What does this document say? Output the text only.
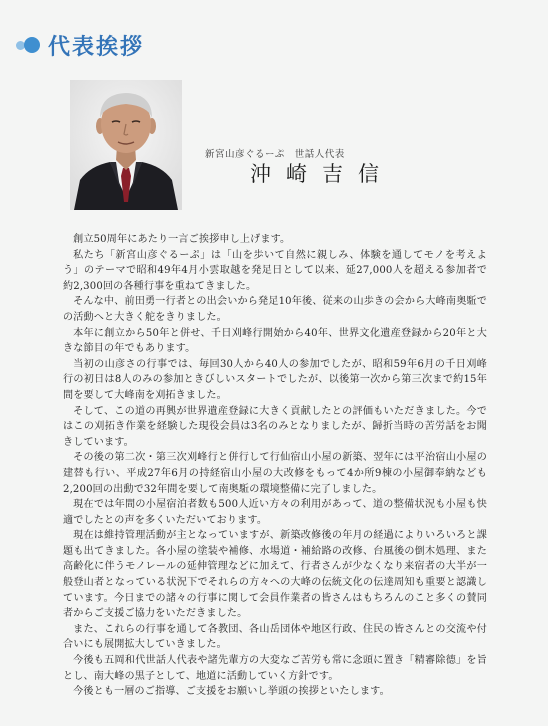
代表挨拶
新宮山彦ぐるーぷ　世話人代表
沖崎吉信

創立50周年にあたり一言ご挨拶申し上げます。

私たち「新宮山彦ぐるーぷ」は「山を歩いて自然に親しみ、体験を通してモノを考えよう」のテーマで昭和49年4月小雲取越を発足日として以来、延27,000人を超える参加者で約2,300回の各種行事を重ねてきました。

そんな中、前田勇一行者との出会いから発足10年後、従来の山歩きの会から大峰南奥駈での活動へと大きく舵をきりました。

本年に創立から50年と併せ、千日刈峰行開始から40年、世界文化遺産登録から20年と大きな節目の年でもあります。

当初の山彦さの行事では、毎回30人から40人の参加でしたが、昭和59年6月の千日刈峰行の初日は8人のみの参加ときびしいスタートでしたが、以後第一次から第三次まで約15年間を要して大峰南を刈拓きました。

そして、この道の再興が世界遺産登録に大きく貢献したとの評価もいただきました。今ではこの刈拓き作業を経験した現役会員は3名のみとなりましたが、歸折当時の苦労話をお聞きしています。

その後の第二次・第三次刈峰行と併行して行仙宿山小屋の新築、翌年には平治宿山小屋の建替も行い、平成27年6月の持経宿山小屋の大改修をもって4か所9棟の小屋御奉納なども2,200回の出動で32年間を要して南奥駈の環境整備に完了しました。

現在では年間の小屋宿泊者数も500人近い方々の利用があって、道の整備状況も小屋も快適でしたとの声を多くいただいております。

現在は維持管理活動が主となっていますが、新築改修後の年月の経過によりいろいろと課題も出てきました。各小屋の塗装や補修、水場道・補給路の改修、台風後の倒木処理、また高齢化に伴うモノレールの延伸管理などに加えて、行者さんが少なくなり来宿者の大半が一般登山者となっている状況下でそれらの方々への大峰の伝統文化の伝達周知も重要と認識しています。今日までの諸々の行事に関して会員作業者の皆さんはもちろんのこと多くの賛同者からご支援ご協力をいただきました。

また、これらの行事を通して各教団、各山岳団体や地区行政、住民の皆さんとの交流や付合いにも展開拡大していきました。

今後も五岡和代世話人代表や諸先輩方の大変なご苦労も常に念頭に置き「精審除德」を旨とし、南大峰の黒子として、地道に活動していく方針です。

今後とも一層のご指導、ご支援をお願いし挙頭の挨拶といたします。
